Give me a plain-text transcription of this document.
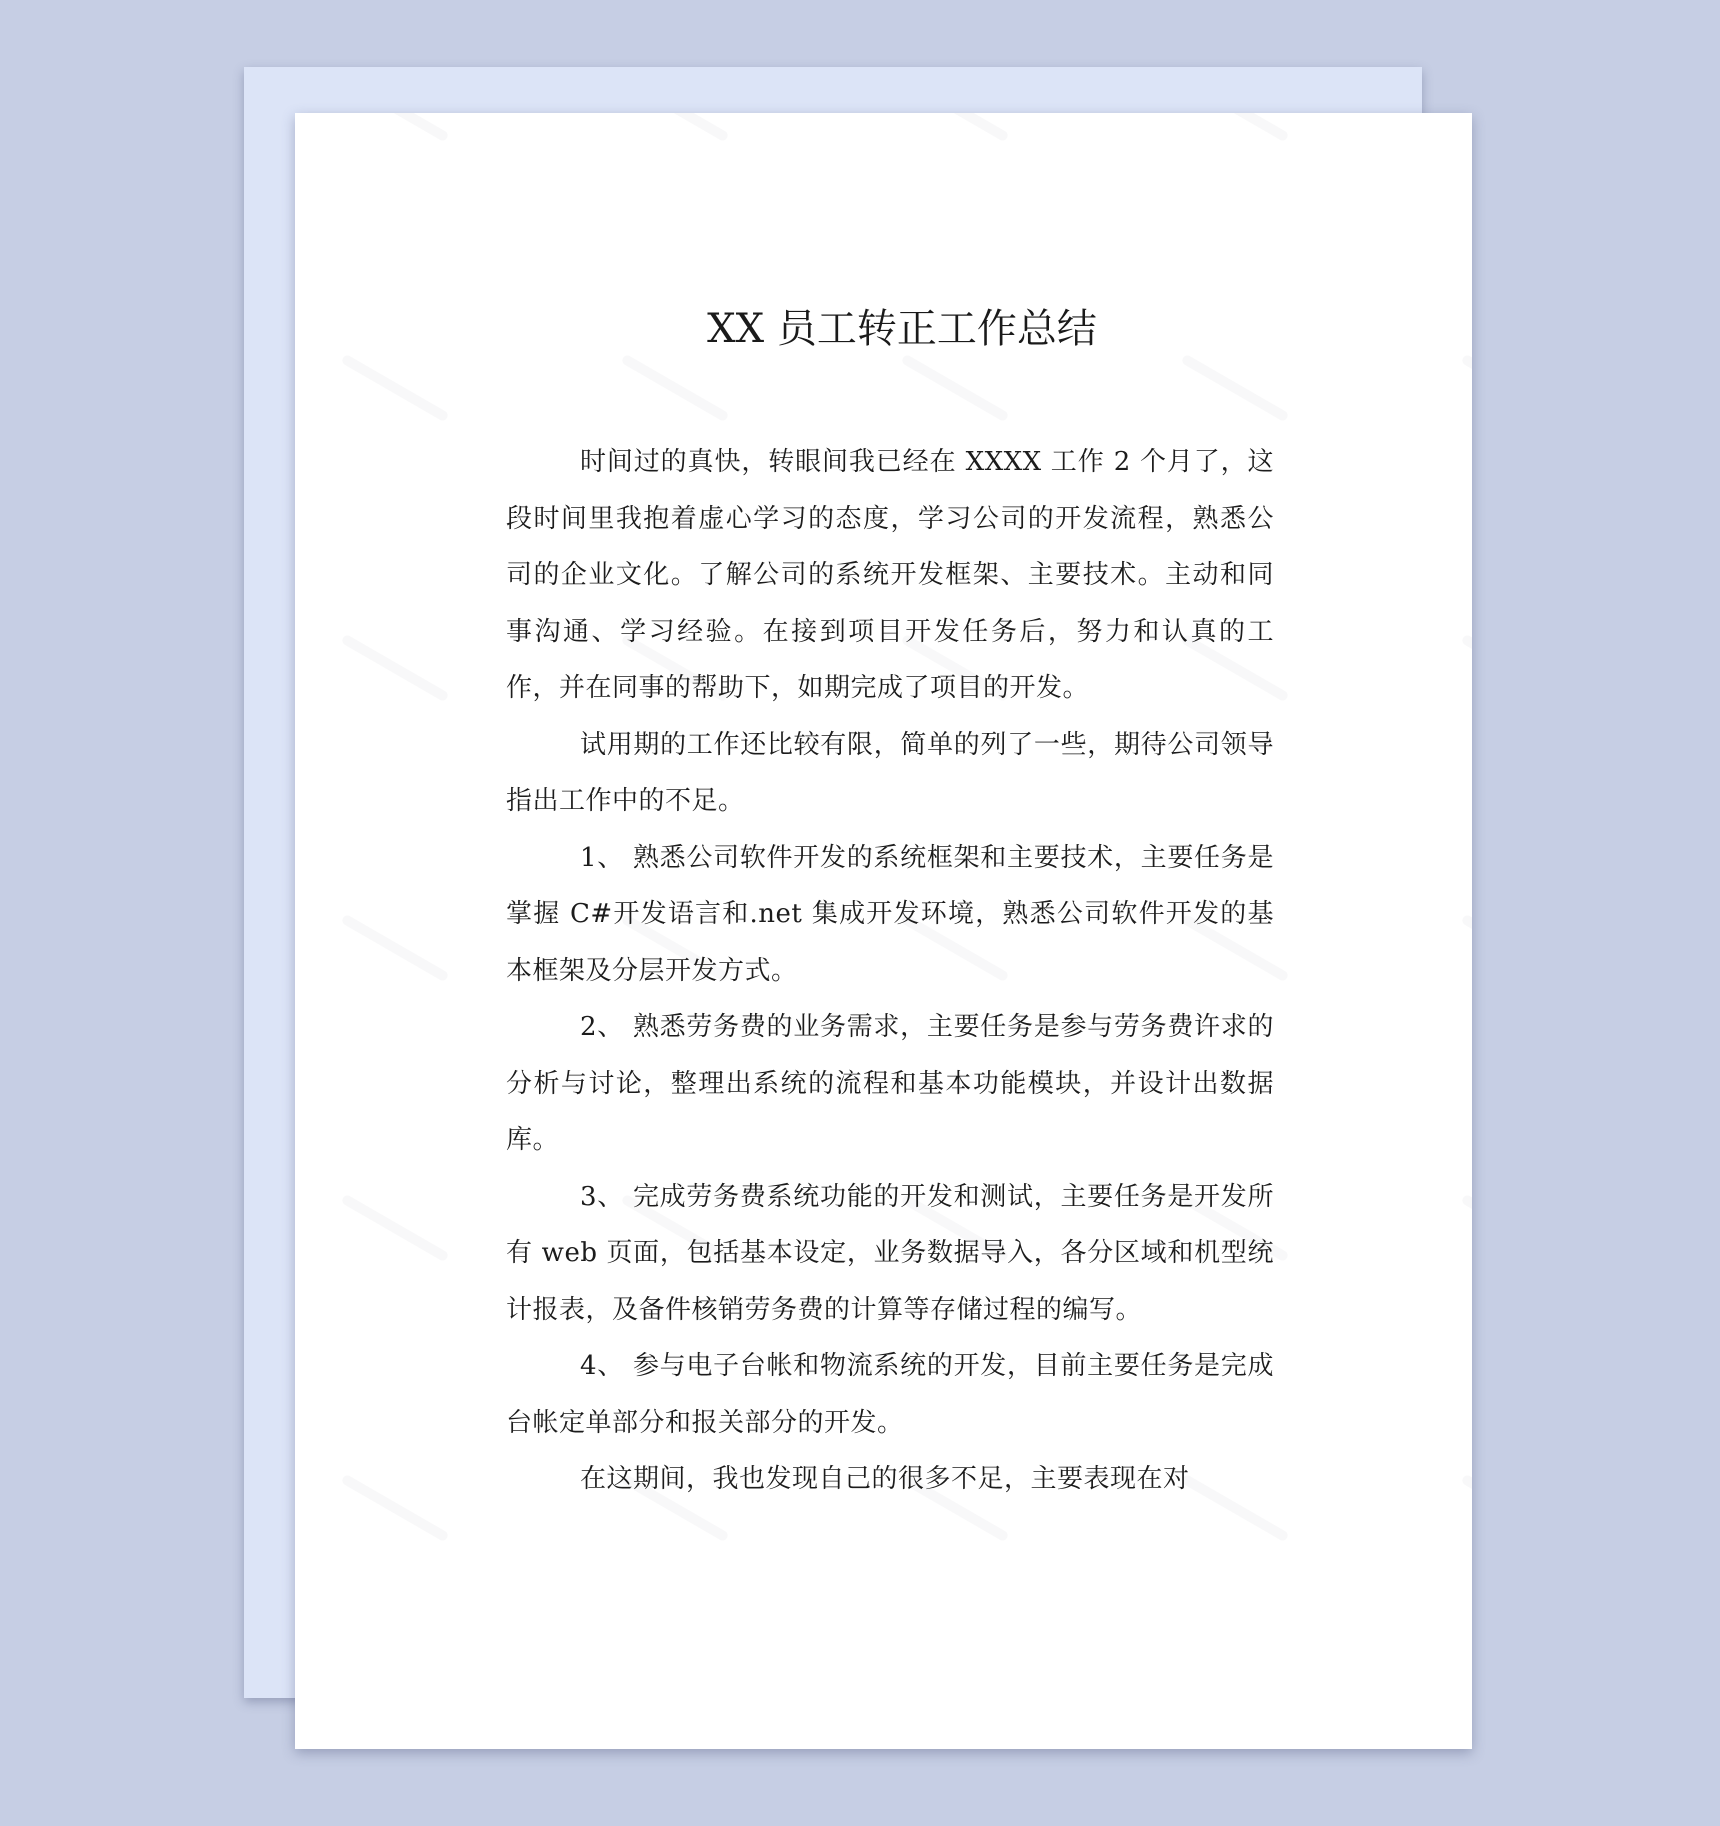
XX 员工转正工作总结

时间过的真快，转眼间我已经在 XXXX 工作 2 个月了，这段时间里我抱着虚心学习的态度，学习公司的开发流程，熟悉公司的企业文化。了解公司的系统开发框架、主要技术。主动和同事沟通、学习经验。在接到项目开发任务后，努力和认真的工作，并在同事的帮助下，如期完成了项目的开发。

试用期的工作还比较有限，简单的列了一些，期待公司领导指出工作中的不足。

1、 熟悉公司软件开发的系统框架和主要技术，主要任务是掌握 C#开发语言和.net 集成开发环境，熟悉公司软件开发的基本框架及分层开发方式。

2、 熟悉劳务费的业务需求，主要任务是参与劳务费许求的分析与讨论，整理出系统的流程和基本功能模块，并设计出数据库。

3、 完成劳务费系统功能的开发和测试，主要任务是开发所有 web 页面，包括基本设定，业务数据导入，各分区域和机型统计报表，及备件核销劳务费的计算等存储过程的编写。

4、 参与电子台帐和物流系统的开发，目前主要任务是完成台帐定单部分和报关部分的开发。

在这期间，我也发现自己的很多不足，主要表现在对
